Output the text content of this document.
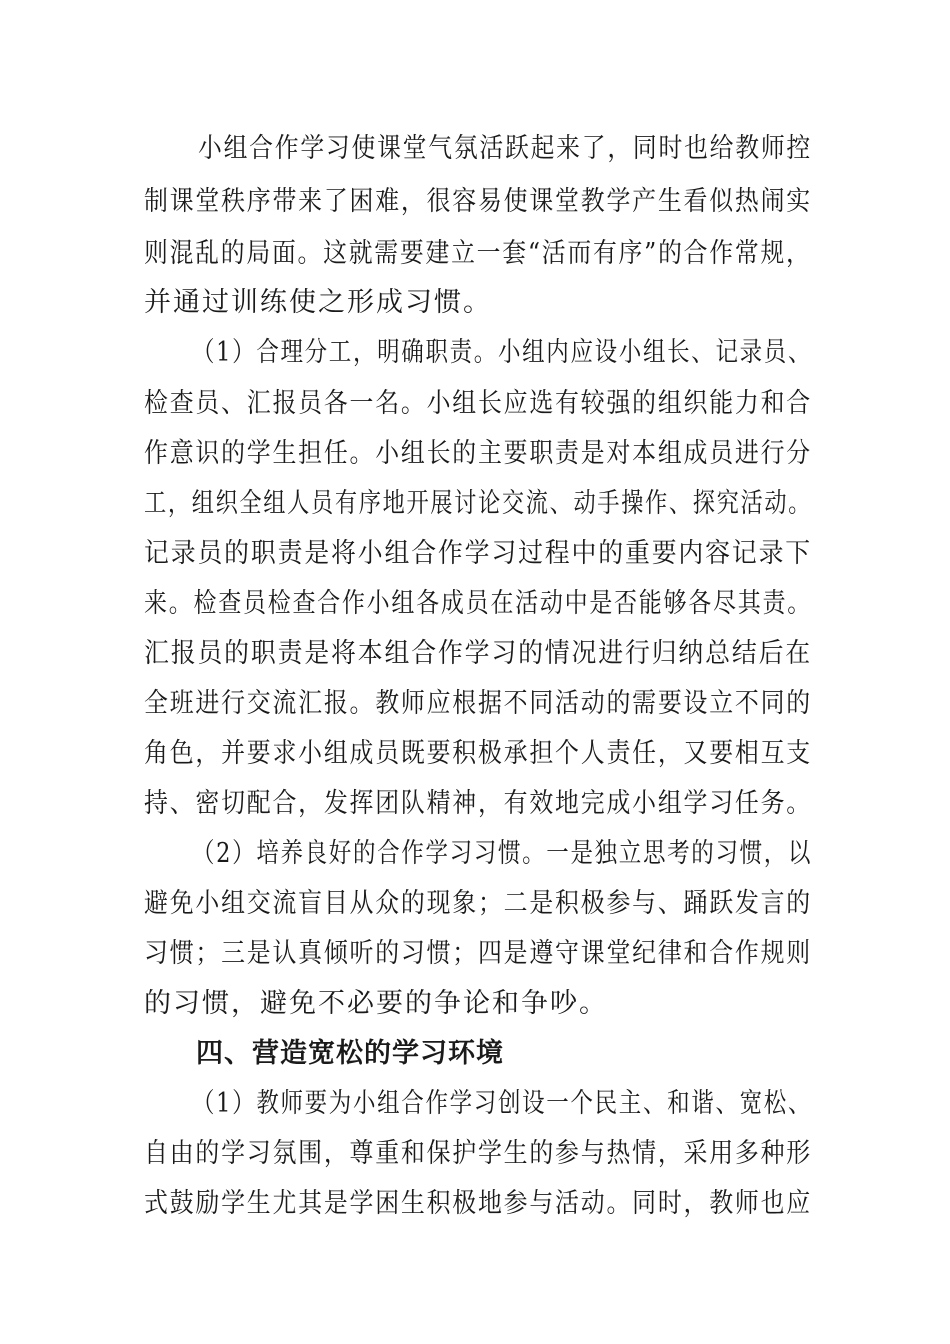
小组合作学习使课堂气氛活跃起来了，同时也给教师控
制课堂秩序带来了困难，很容易使课堂教学产生看似热闹实
则混乱的局面。这就需要建立一套“活而有序”的合作常规，
并通过训练使之形成习惯。
（1）合理分工，明确职责。小组内应设小组长、记录员、
检查员、汇报员各一名。小组长应选有较强的组织能力和合
作意识的学生担任。小组长的主要职责是对本组成员进行分
工，组织全组人员有序地开展讨论交流、动手操作、探究活动。
记录员的职责是将小组合作学习过程中的重要内容记录下
来。检查员检查合作小组各成员在活动中是否能够各尽其责。
汇报员的职责是将本组合作学习的情况进行归纳总结后在
全班进行交流汇报。教师应根据不同活动的需要设立不同的
角色，并要求小组成员既要积极承担个人责任，又要相互支
持、密切配合，发挥团队精神，有效地完成小组学习任务。
（2）培养良好的合作学习习惯。一是独立思考的习惯，以
避免小组交流盲目从众的现象；二是积极参与、踊跃发言的
习惯；三是认真倾听的习惯；四是遵守课堂纪律和合作规则
的习惯，避免不必要的争论和争吵。
四、营造宽松的学习环境
（1）教师要为小组合作学习创设一个民主、和谐、宽松、
自由的学习氛围，尊重和保护学生的参与热情，采用多种形
式鼓励学生尤其是学困生积极地参与活动。同时，教师也应
